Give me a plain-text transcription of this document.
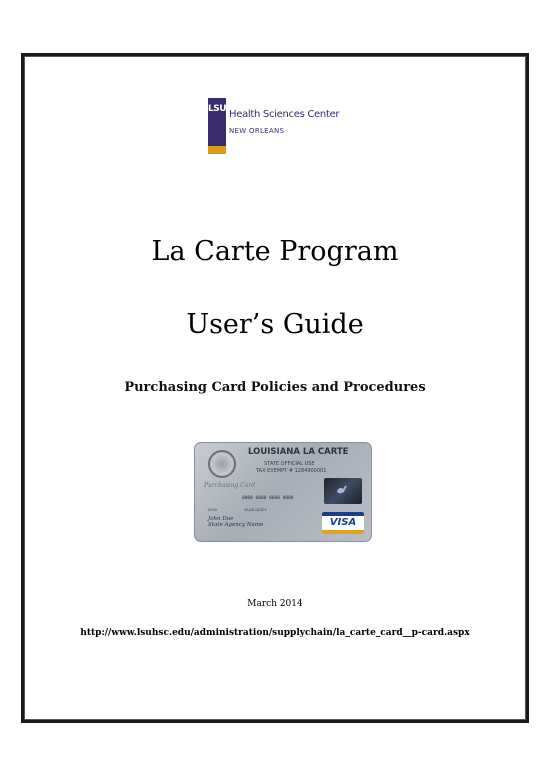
LSU Health Sciences Center
NEW ORLEANS
La Carte Program
User’s Guide
Purchasing Card Policies and Procedures
LOUISIANA LA CARTE
STATE OFFICIAL USE
TAX EXEMPT # 1284900001
Purchasing Card
0000 0000 0000 0000
0000	VALID DATES
John Doe
State Agency Name	VISA
March 2014
http://www.lsuhsc.edu/administration/supplychain/la_carte_card__p-card.aspx
